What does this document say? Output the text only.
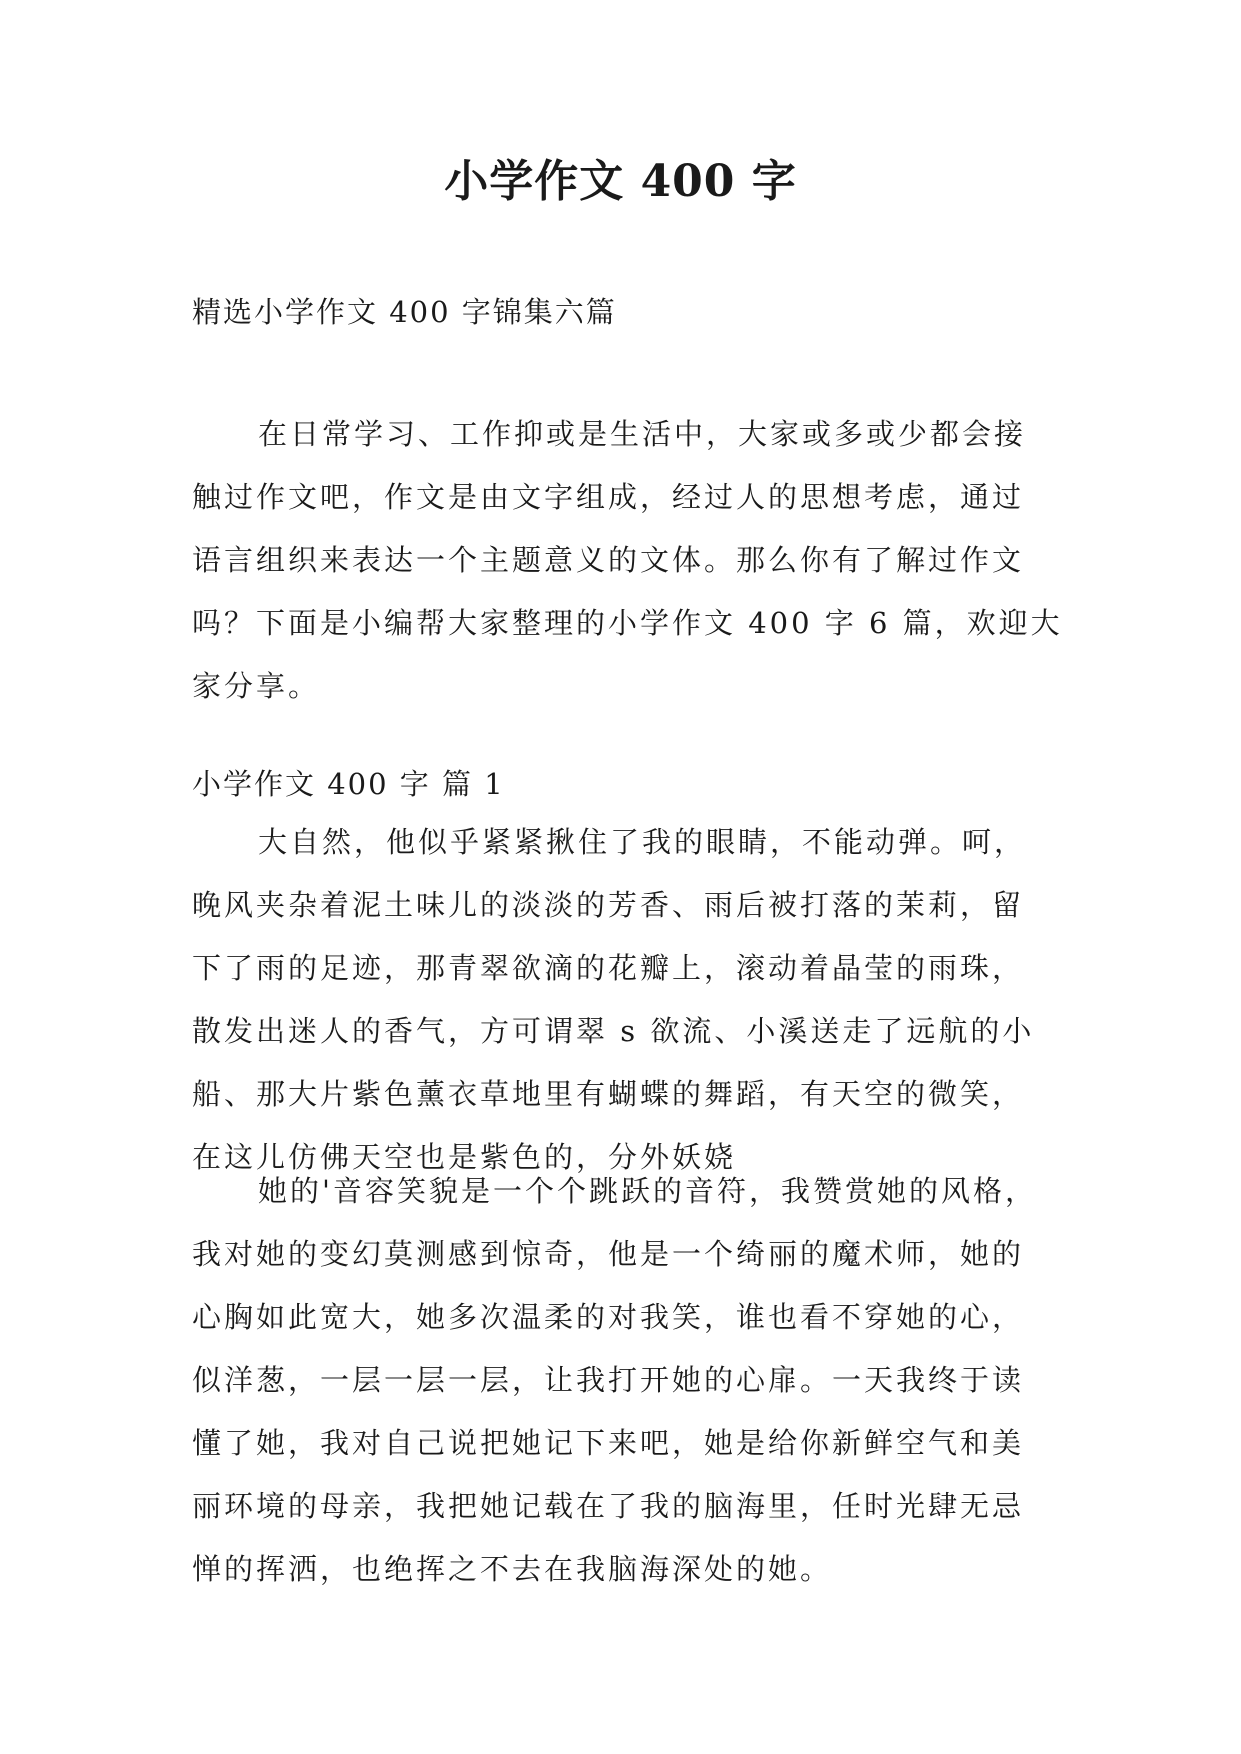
小学作文 400 字

精选小学作文 400 字锦集六篇

在日常学习、工作抑或是生活中，大家或多或少都会接
触过作文吧，作文是由文字组成，经过人的思想考虑，通过
语言组织来表达一个主题意义的文体。那么你有了解过作文
吗？下面是小编帮大家整理的小学作文 400 字 6 篇，欢迎大
家分享。

小学作文 400 字 篇 1

大自然，他似乎紧紧揪住了我的眼睛，不能动弹。呵，
晚风夹杂着泥土味儿的淡淡的芳香、雨后被打落的茉莉，留
下了雨的足迹，那青翠欲滴的花瓣上，滚动着晶莹的雨珠，
散发出迷人的香气，方可谓翠 s 欲流、小溪送走了远航的小
船、那大片紫色薰衣草地里有蝴蝶的舞蹈，有天空的微笑，
在这儿仿佛天空也是紫色的，分外妖娆
她的'音容笑貌是一个个跳跃的音符，我赞赏她的风格，
我对她的变幻莫测感到惊奇，他是一个绮丽的魔术师，她的
心胸如此宽大，她多次温柔的对我笑，谁也看不穿她的心，
似洋葱，一层一层一层，让我打开她的心扉。一天我终于读
懂了她，我对自己说把她记下来吧，她是给你新鲜空气和美
丽环境的母亲，我把她记载在了我的脑海里，任时光肆无忌
惮的挥洒，也绝挥之不去在我脑海深处的她。
